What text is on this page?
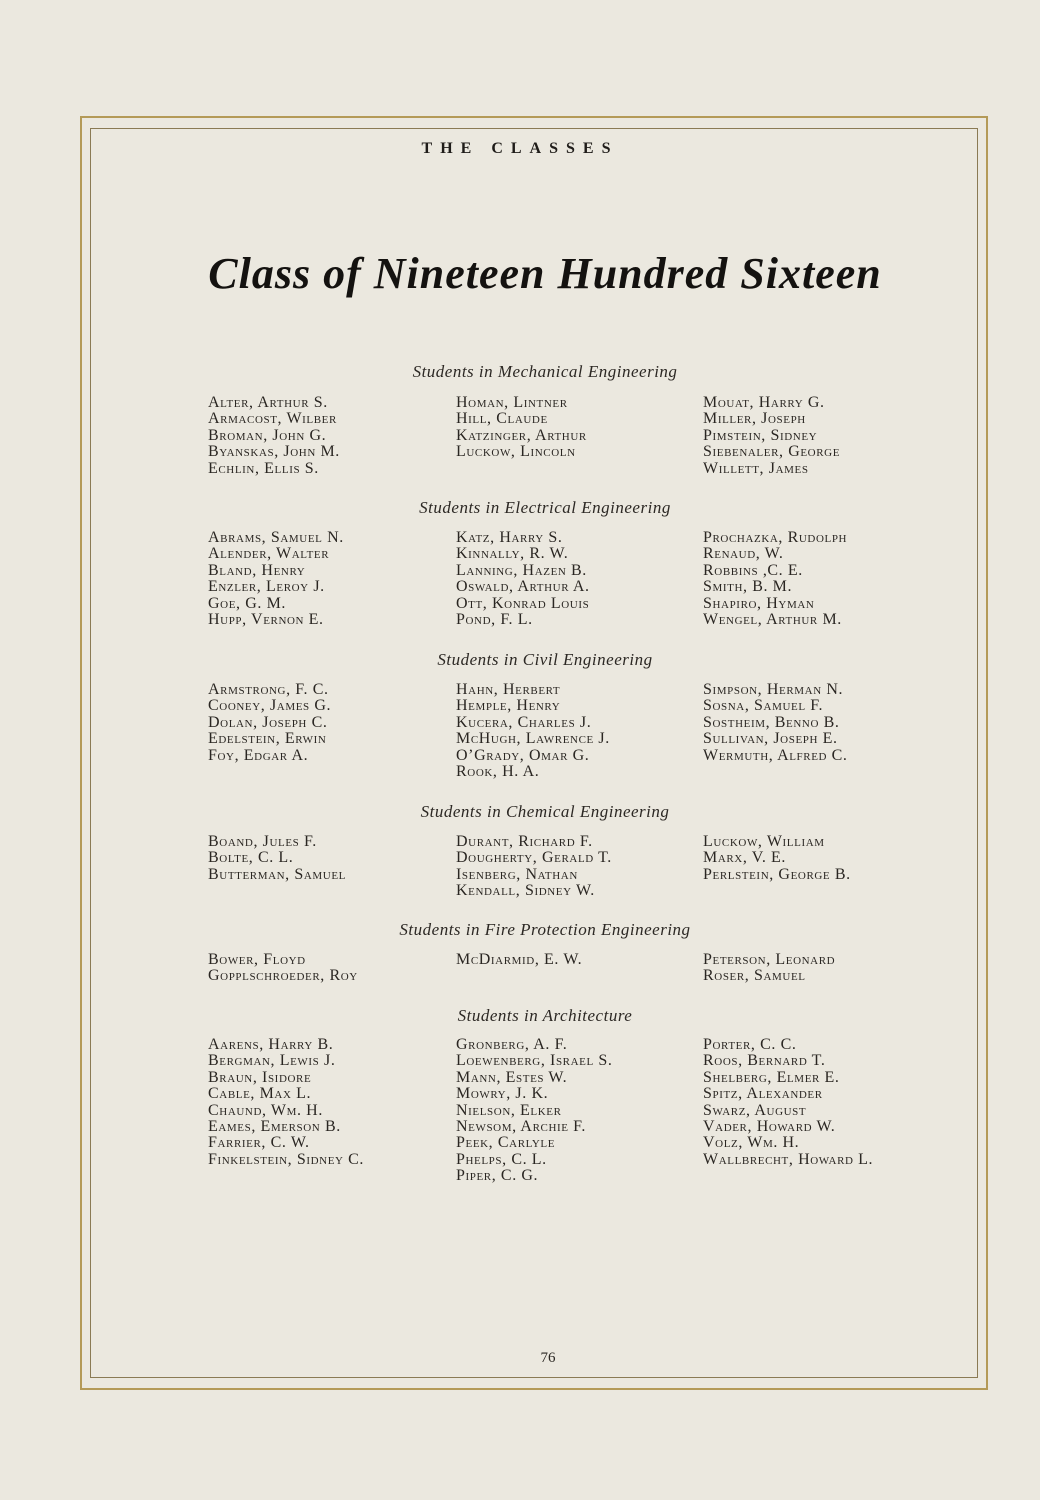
THE CLASSES
Class of Nineteen Hundred Sixteen
Students in Mechanical Engineering
Alter, Arthur S.
Armacost, Wilber
Broman, John G.
Byanskas, John M.
Echlin, Ellis S.
Homan, Lintner
Hill, Claude
Katzinger, Arthur
Luckow, Lincoln
Mouat, Harry G.
Miller, Joseph
Pimstein, Sidney
Siebenaler, George
Willett, James
Students in Electrical Engineering
Abrams, Samuel N.
Alender, Walter
Bland, Henry
Enzler, Leroy J.
Goe, G. M.
Hupp, Vernon E.
Katz, Harry S.
Kinnally, R. W.
Lanning, Hazen B.
Oswald, Arthur A.
Ott, Konrad Louis
Pond, F. L.
Prochazka, Rudolph
Renaud, W.
Robbins ,C. E.
Smith, B. M.
Shapiro, Hyman
Wengel, Arthur M.
Students in Civil Engineering
Armstrong, F. C.
Cooney, James G.
Dolan, Joseph C.
Edelstein, Erwin
Foy, Edgar A.
Hahn, Herbert
Hemple, Henry
Kucera, Charles J.
McHugh, Lawrence J.
O’Grady, Omar G.
Rook, H. A.
Simpson, Herman N.
Sosna, Samuel F.
Sostheim, Benno B.
Sullivan, Joseph E.
Wermuth, Alfred C.
Students in Chemical Engineering
Boand, Jules F.
Bolte, C. L.
Butterman, Samuel
Durant, Richard F.
Dougherty, Gerald T.
Isenberg, Nathan
Kendall, Sidney W.
Luckow, William
Marx, V. E.
Perlstein, George B.
Students in Fire Protection Engineering
Bower, Floyd
Gopplschroeder, Roy
McDiarmid, E. W.	Peterson, Leonard
Roser, Samuel
Students in Architecture
Aarens, Harry B.
Bergman, Lewis J.
Braun, Isidore
Cable, Max L.
Chaund, Wm. H.
Eames, Emerson B.
Farrier, C. W.
Finkelstein, Sidney C.
Gronberg, A. F.
Loewenberg, Israel S.
Mann, Estes W.
Mowry, J. K.
Nielson, Elker
Newsom, Archie F.
Peek, Carlyle
Phelps, C. L.
Piper, C. G.
Porter, C. C.
Roos, Bernard T.
Shelberg, Elmer E.
Spitz, Alexander
Swarz, August
Vader, Howard W.
Volz, Wm. H.
Wallbrecht, Howard L.
76
